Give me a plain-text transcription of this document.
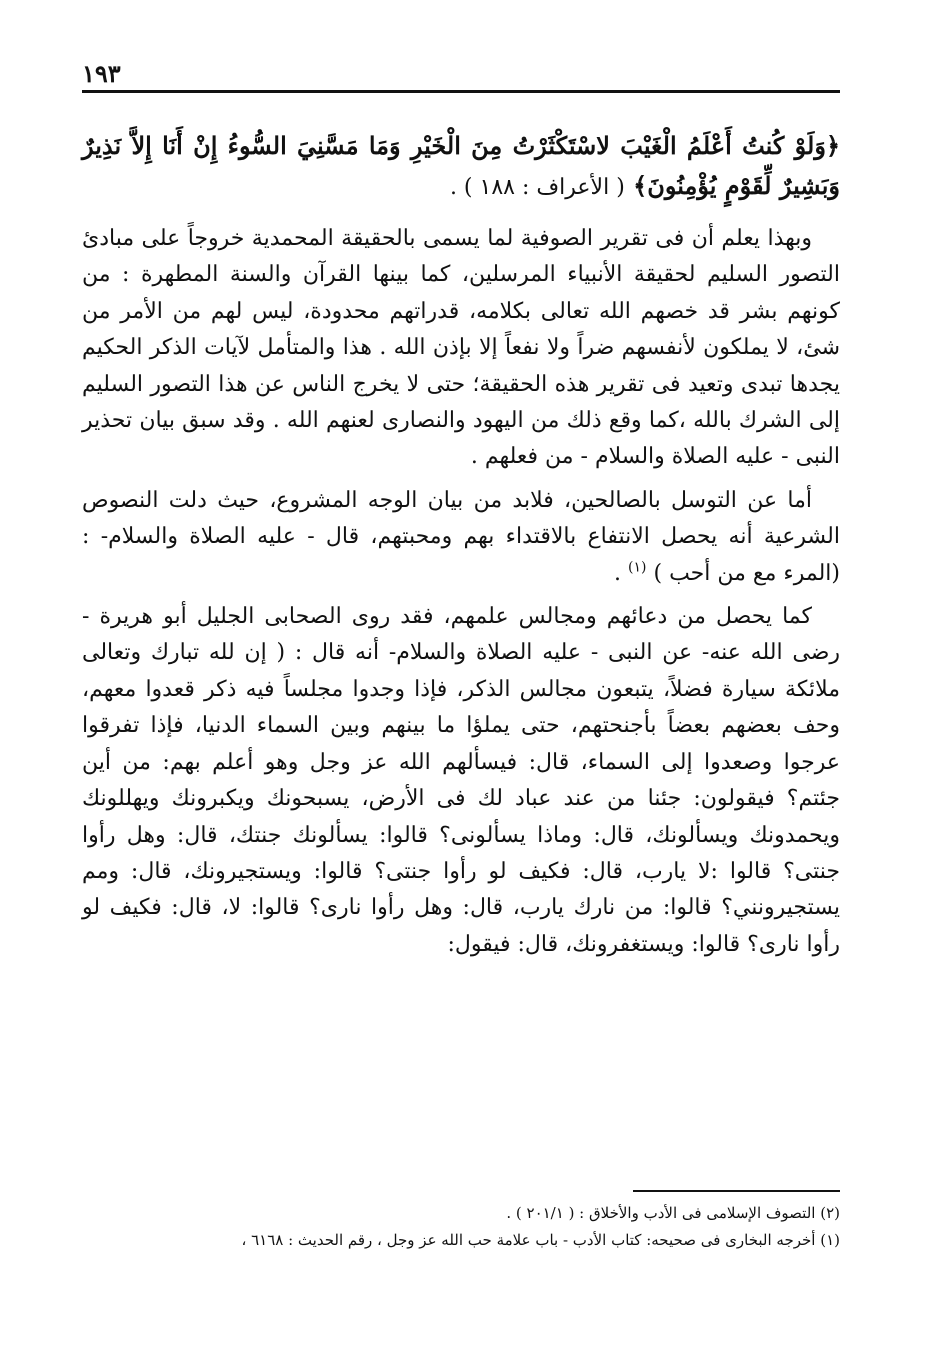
١٩٣

﴿وَلَوْ كُنتُ أَعْلَمُ الْغَيْبَ لاسْتَكْثَرْتُ مِنَ الْخَيْرِ وَمَا مَسَّنِيَ السُّوءُ إِنْ أَنَا إِلاَّ نَذِيرٌ وَبَشِيرٌ لِّقَوْمٍ يُؤْمِنُونَ﴾ ( الأعراف : ١٨٨ ) .

وبهذا يعلم أن فى تقرير الصوفية لما يسمى بالحقيقة المحمدية خروجاً على مبادئ التصور السليم لحقيقة الأنبياء المرسلين، كما بينها القرآن والسنة المطهرة : من كونهم بشر قد خصهم الله تعالى بكلامه، قدراتهم محدودة، ليس لهم من الأمر من شئ، لا يملكون لأنفسهم ضراً ولا نفعاً إلا بإذن الله . هذا والمتأمل لآيات الذكر الحكيم يجدها تبدى وتعيد فى تقرير هذه الحقيقة؛ حتى لا يخرج الناس عن هذا التصور السليم إلى الشرك بالله ،كما وقع ذلك من اليهود والنصارى لعنهم الله . وقد سبق بيان تحذير النبى - عليه الصلاة والسلام - من فعلهم .

أما عن التوسل بالصالحين، فلابد من بيان الوجه المشروع، حيث دلت النصوص الشرعية أنه يحصل الانتفاع بالاقتداء بهم ومحبتهم، قال - عليه الصلاة والسلام- : (المرء مع من أحب ) $^{(١)}$ .

كما يحصل من دعائهم ومجالس علمهم، فقد روى الصحابى الجليل أبو هريرة - رضى الله عنه- عن النبى - عليه الصلاة والسلام- أنه قال : ( إن لله تبارك وتعالى ملائكة سيارة فضلاً، يتبعون مجالس الذكر، فإذا وجدوا مجلساً فيه ذكر قعدوا معهم، وحف بعضهم بعضاً بأجنحتهم، حتى يملؤا ما بينهم وبين السماء الدنيا، فإذا تفرقوا عرجوا وصعدوا إلى السماء، قال: فيسألهم الله عز وجل وهو أعلم بهم: من أين جئتم؟ فيقولون: جئنا من عند عباد لك فى الأرض، يسبحونك ويكبرونك ويهللونك ويحمدونك ويسألونك، قال: وماذا يسألونى؟ قالوا: يسألونك جنتك، قال: وهل رأوا جنتى؟ قالوا :لا يارب، قال: فكيف لو رأوا جنتى؟ قالوا: ويستجيرونك، قال: ومم يستجيرونني؟ قالوا: من نارك يارب، قال: وهل رأوا نارى؟ قالوا: لا، قال: فكيف لو رأوا نارى؟ قالوا: ويستغفرونك، قال: فيقول:

(٢) التصوف الإسلامى فى الأدب والأخلاق : ( ٢٠١/١ ) .
(١) أخرجه البخارى فى صحيحه: كتاب الأدب - باب علامة حب الله عز وجل ، رقم الحديث : ٦١٦٨ ،
